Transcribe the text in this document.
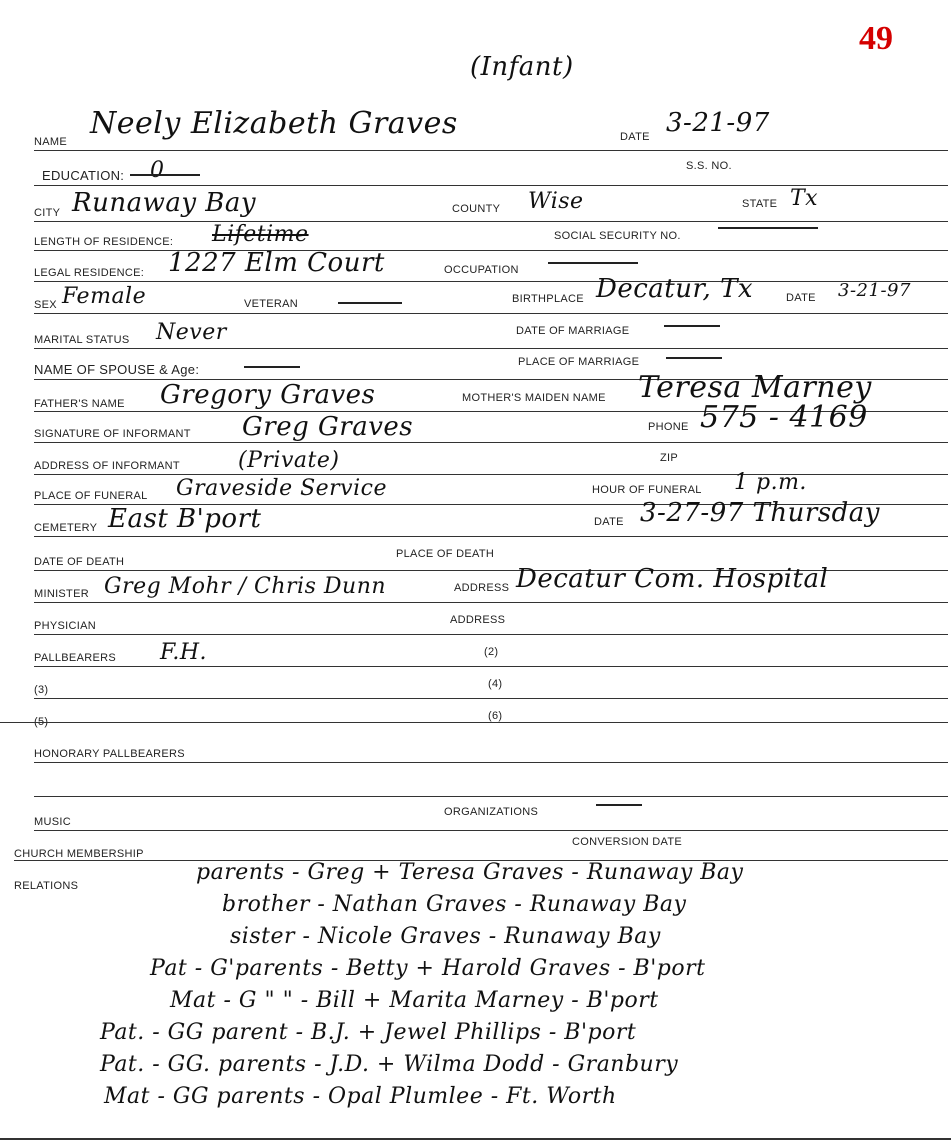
49
(Infant)
NAME
Neely Elizabeth Graves	DATE 3-21-97
EDUCATION: 0	S.S. NO.
CITY Runaway Bay	COUNTY Wise	STATE Tx
LENGTH OF RESIDENCE: Lifetime	SOCIAL SECURITY NO.
LEGAL RESIDENCE: 1227 Elm Court	OCCUPATION
SEX Female	VETERAN	BIRTHPLACE Decatur, Tx	DATE 3-21-97
MARITAL STATUS Never	DATE OF MARRIAGE
NAME OF SPOUSE & Age:	PLACE OF MARRIAGE
FATHER'S NAME Gregory Graves	MOTHER'S MAIDEN NAME Teresa Marney
SIGNATURE OF INFORMANT Greg Graves	PHONE 575 - 4169
ADDRESS OF INFORMANT	(Private)	ZIP
PLACE OF FUNERAL Graveside Service	HOUR OF FUNERAL 1 p.m.
CEMETERY East B'port	DATE 3-27-97 Thursday
DATE OF DEATH
PLACE OF DEATH
MINISTER Greg Mohr / Chris Dunn	ADDRESS Decatur Com. Hospital
PHYSICIAN	ADDRESS
PALLBEARERS F.H.	(2)
(3)	(4)
(5)	(6)
HONORARY PALLBEARERS
MUSIC
ORGANIZATIONS
CHURCH MEMBERSHIP
CONVERSION DATE
RELATIONS
parents - Greg + Teresa Graves - Runaway Bay
brother - Nathan Graves - Runaway Bay
sister - Nicole Graves - Runaway Bay
Pat - G'parents - Betty + Harold Graves - B'port
Mat - G " " - Bill + Marita Marney - B'port
Pat. - GG parent - B.J. + Jewel Phillips - B'port
Pat. - GG. parents - J.D. + Wilma Dodd - Granbury
Mat - GG parents - Opal Plumlee - Ft. Worth
